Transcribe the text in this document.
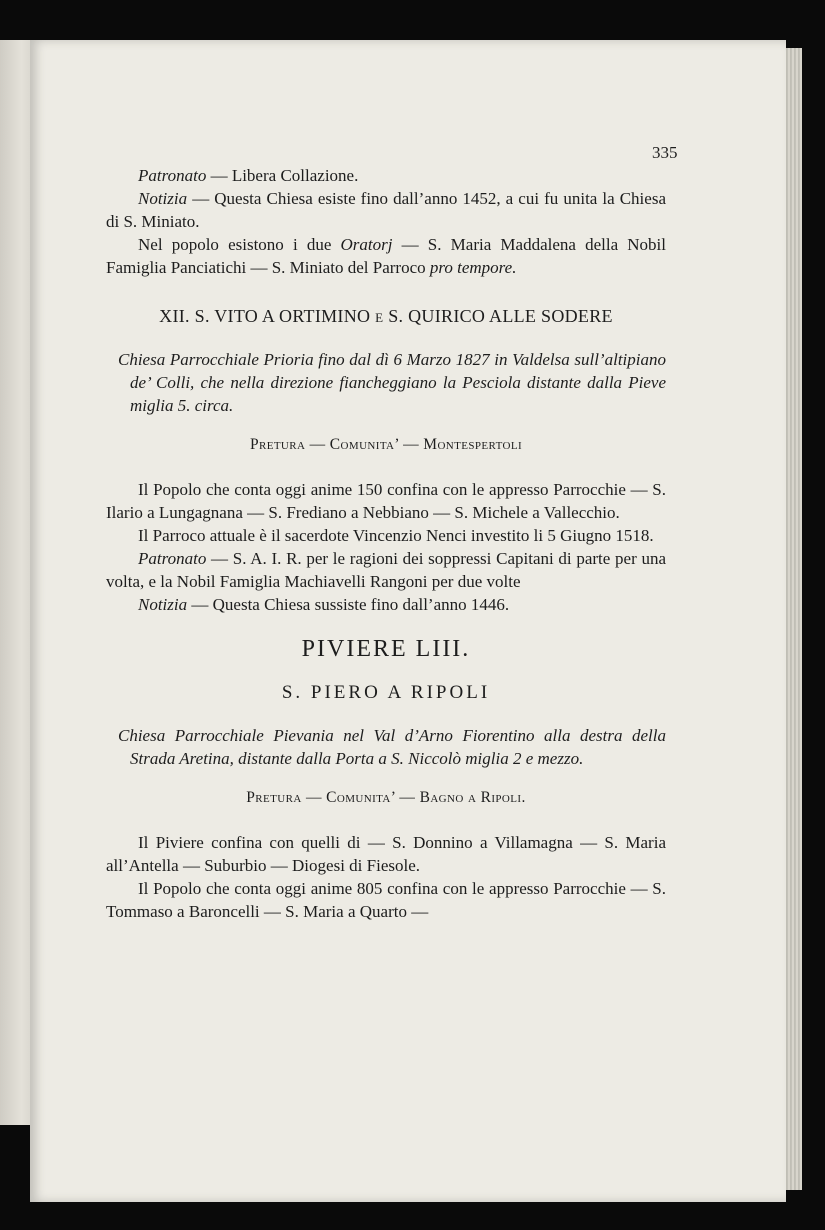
335

Patronato — Libera Collazione.

Notizia — Questa Chiesa esiste fino dall’anno 1452, a cui fu unita la Chiesa di S. Miniato.

Nel popolo esistono i due Oratorj — S. Maria Maddalena della Nobil Famiglia Panciatichi — S. Miniato del Parroco pro tempore.

XII. S. VITO A ORTIMINO e S. QUIRICO ALLE SODERE

Chiesa Parrocchiale Prioria fino dal dì 6 Marzo 1827 in Valdelsa sull’altipiano de’ Colli, che nella direzione fiancheggiano la Pesciola distante dalla Pieve miglia 5. circa.

Pretura — Comunita’ — Montespertoli

Il Popolo che conta oggi anime 150 confina con le appresso Parrocchie — S. Ilario a Lungagnana — S. Frediano a Nebbiano — S. Michele a Vallecchio.

Il Parroco attuale è il sacerdote Vincenzio Nenci investito li 5 Giugno 1518.

Patronato — S. A. I. R. per le ragioni dei soppressi Capitani di parte per una volta, e la Nobil Famiglia Machiavelli Rangoni per due volte

Notizia — Questa Chiesa sussiste fino dall’anno 1446.

PIVIERE LIII.

S. PIERO A RIPOLI

Chiesa Parrocchiale Pievania nel Val d’Arno Fiorentino alla destra della Strada Aretina, distante dalla Porta a S. Niccolò miglia 2 e mezzo.

Pretura — Comunita’ — Bagno a Ripoli.

Il Piviere confina con quelli di — S. Donnino a Villamagna — S. Maria all’Antella — Suburbio — Diogesi di Fiesole.

Il Popolo che conta oggi anime 805 confina con le appresso Parrocchie — S. Tommaso a Baroncelli — S. Maria a Quarto —
